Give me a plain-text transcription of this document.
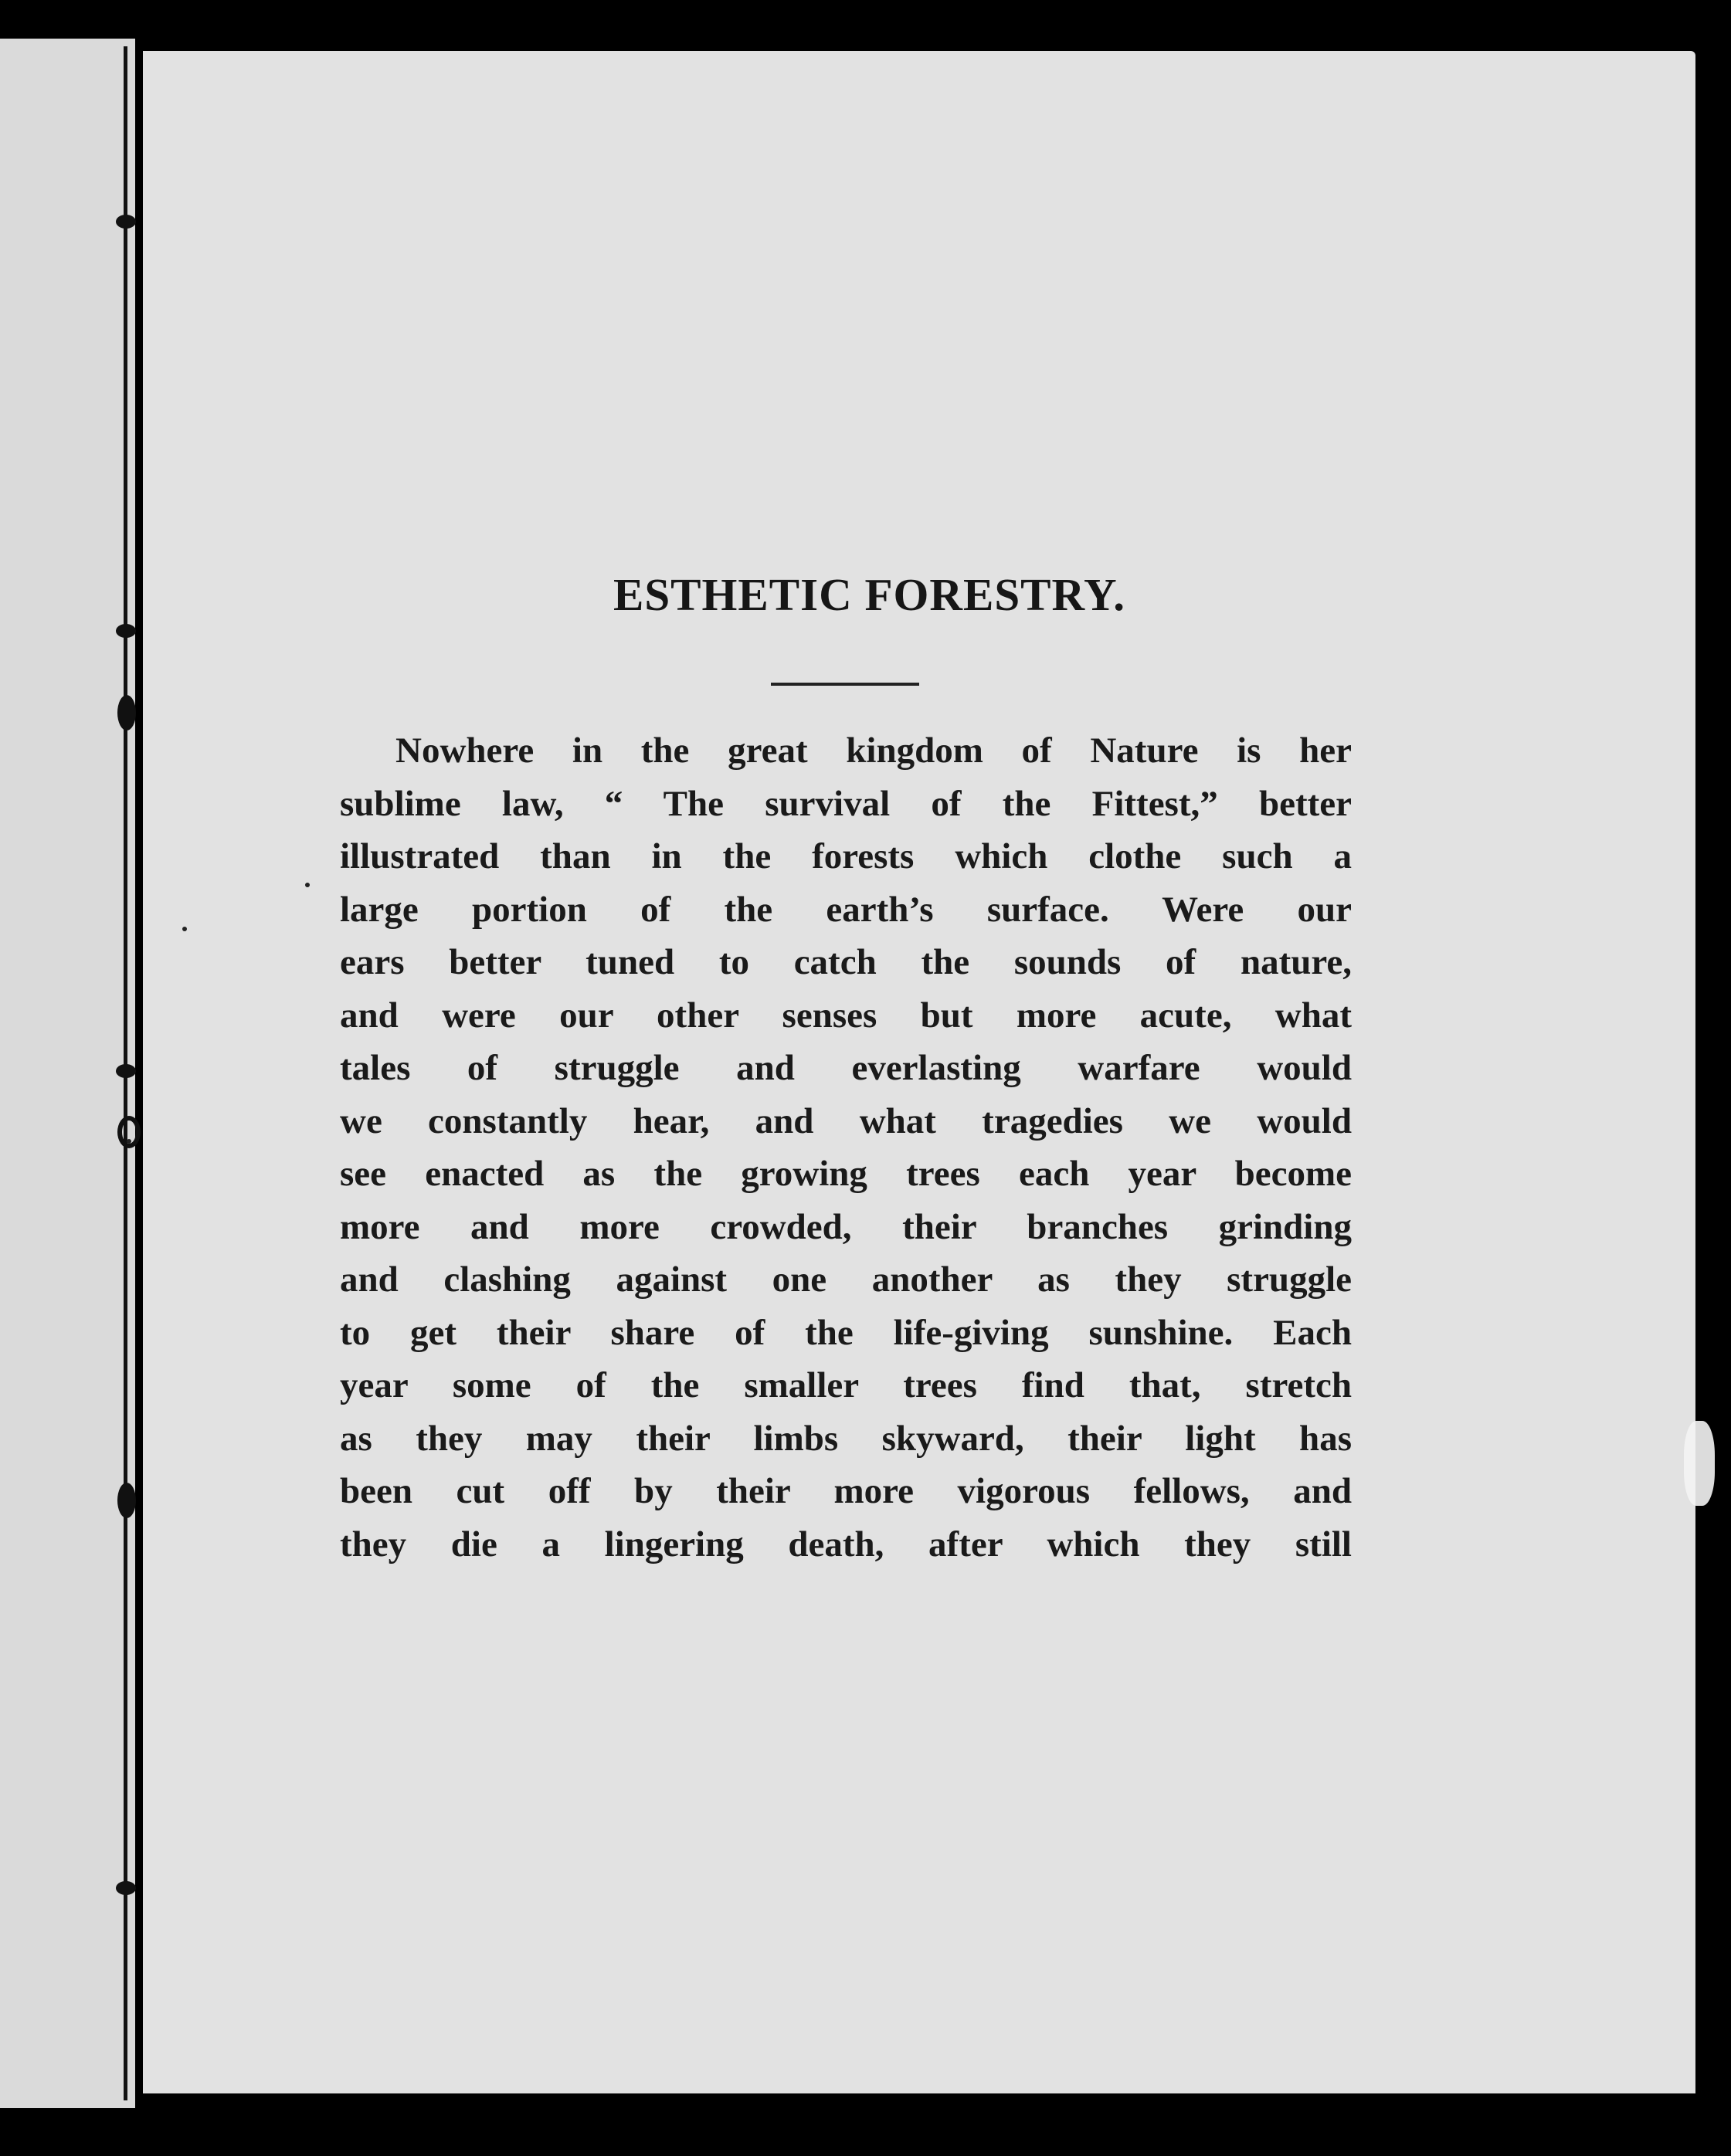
ESTHETIC FORESTRY.
Nowhere in the great kingdom of Nature is her
sublime law, “ The survival of the Fittest,” better
illustrated than in the forests which clothe such a
large portion of the earth’s surface. Were our
ears better tuned to catch the sounds of nature,
and were our other senses but more acute, what
tales of struggle and everlasting warfare would
we constantly hear, and what tragedies we would
see enacted as the growing trees each year become
more and more crowded, their branches grinding
and clashing against one another as they struggle
to get their share of the life-giving sunshine. Each
year some of the smaller trees find that, stretch
as they may their limbs skyward, their light has
been cut off by their more vigorous fellows, and
they die a lingering death, after which they still
